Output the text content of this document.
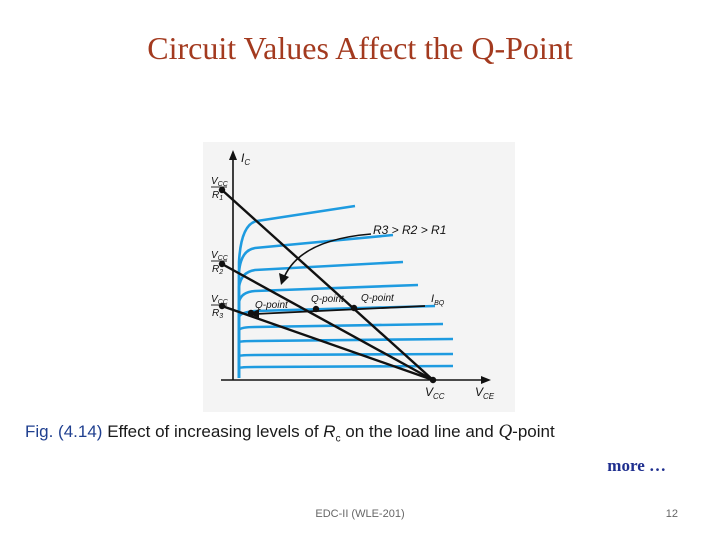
Circuit Values Affect the Q-Point
$I_C$
$V_{CE}$
$V_{CC}$
$V_{CC}$
$R_1$
$V_{CC}$
$R_2$
$V_{CC}$
$R_3$
R3 > R2 > R1
$I_{BQ}$
Q-point
Q-point Q-point
Fig. (4.14) Effect of increasing levels of $R_c$ on the load line and Q-point
more …
EDC-II (WLE-201)	12
